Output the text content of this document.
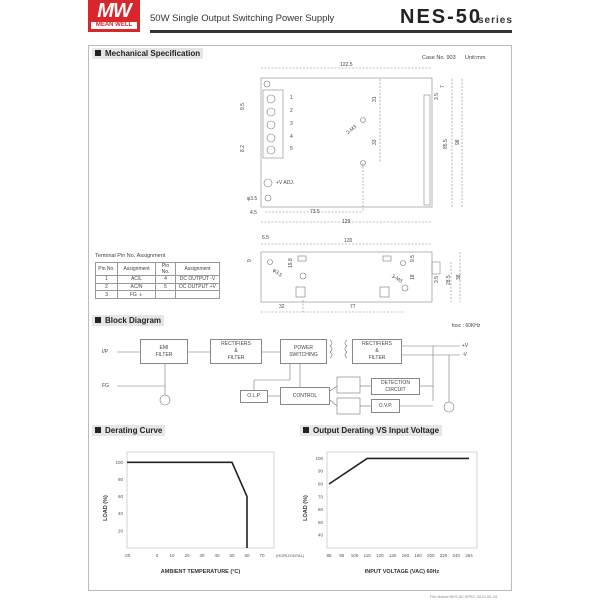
MW
MEAN WELL
50W Single Output Switching Power Supply	NES-50
series
Mechanical Specification	Case No. 903 Unit:mm
122.5
1
2
3
4
5
9.5
8.2
+V ADJ.
φ3.5
2-M3
31
33	85.5 98
7
3.5
4.5	73.5
129
6.5	120
9	19.8
φ3.5
9.5
18
3-M3	3.5 28.5 38
32	77
Terminal Pin No. Assignment
Pin No.	Assignment	Pin No.	Assignment
1	AC/L	4	DC OUTPUT -V
2	AC/N	5	DC OUTPUT +V
3	FG ⏚		
Block Diagram
fosc : 60KHz
I/P
FG
EMI
FILTER
RECTIFIERS
&
FILTER
POWER
SWITCHING
RECTIFIERS
&
FILTER
O.L.P.	CONTROL
DETECTION
CIRCUIT
O.V.P.
+V
-V
Derating Curve	Output Derating VS Input Voltage
-20	0 10 20 30 40 50 60 70	(HORIZONTAL)
20
40
60
80
100
AMBIENT TEMPERATURE (°C)
LOAD (%)
88 95 100 115 120 140 160 180 200 220 240 264
40
50
60
70
80
90
100
INPUT VOLTAGE (VAC) 60Hz
LOAD (%)
File Name:NES-50-SPEC 2012-09-24
